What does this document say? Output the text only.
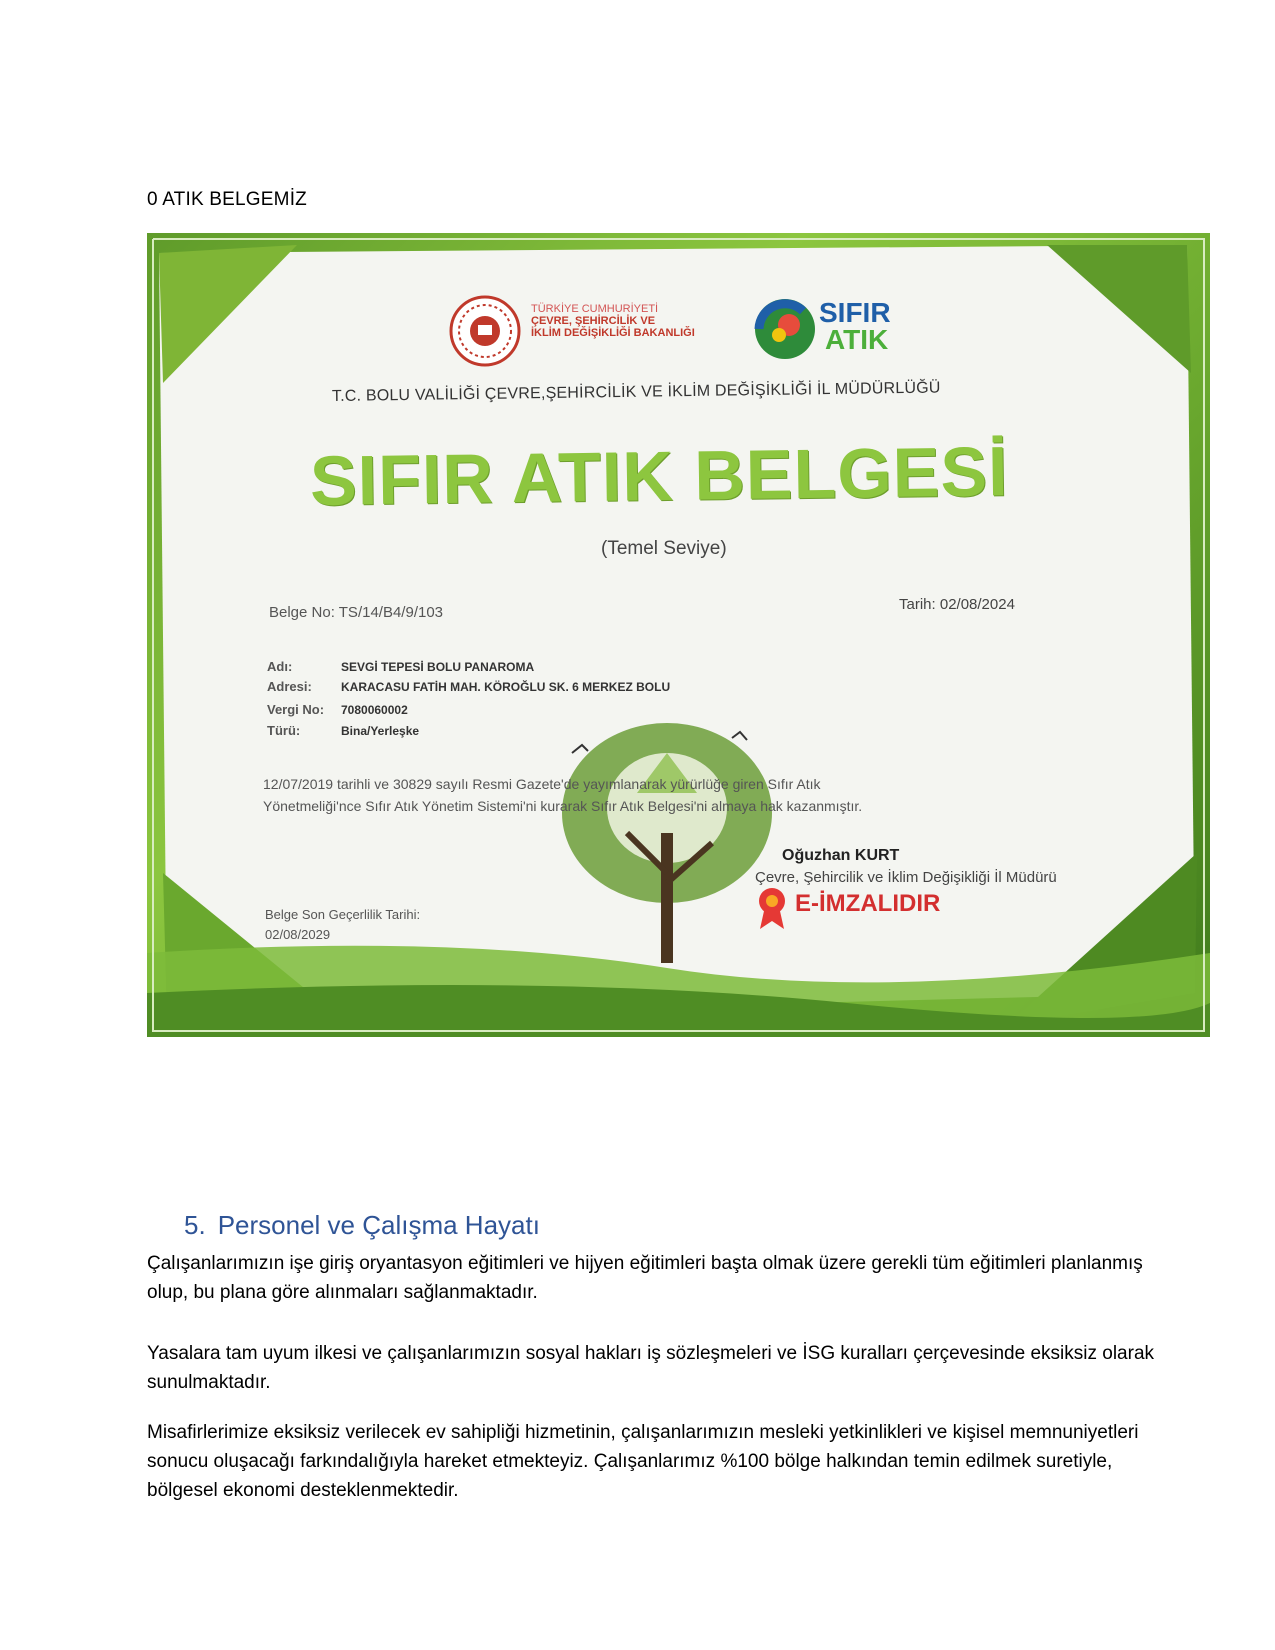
0 ATIK BELGEMİZ
TÜRKİYE CUMHURİYETİ
ÇEVRE, ŞEHİRCİLİK VE
İKLİM DEĞİŞİKLİĞİ BAKANLIĞI
SIFIR
ATIK
T.C. BOLU VALİLİĞİ ÇEVRE,ŞEHİRCİLİK VE İKLİM DEĞİŞİKLİĞİ İL MÜDÜRLÜĞÜ
SIFIR ATIK BELGESİ
(Temel Seviye)
Belge No: TS/14/B4/9/103	Tarih: 02/08/2024
Adı:	SEVGİ TEPESİ BOLU PANAROMA
Adresi: KARACASU FATİH MAH. KÖROĞLU SK. 6 MERKEZ BOLU
Vergi No: 7080060002
Türü:	Bina/Yerleşke
12/07/2019 tarihli ve 30829 sayılı Resmi Gazete'de yayımlanarak yürürlüğe giren Sıfır Atık
Yönetmeliği'nce Sıfır Atık Yönetim Sistemi'ni kurarak Sıfır Atık Belgesi'ni almaya hak kazanmıştır.
Oğuzhan KURT
Çevre, Şehircilik ve İklim Değişikliği İl Müdürü
Belge Son Geçerlilik Tarihi:
02/08/2029
E-İMZALIDIR
5. Personel ve Çalışma Hayatı
Çalışanlarımızın işe giriş oryantasyon eğitimleri ve hijyen eğitimleri başta olmak üzere gerekli tüm eğitimleri planlanmış olup, bu plana göre alınmaları sağlanmaktadır.
Yasalara tam uyum ilkesi ve çalışanlarımızın sosyal hakları iş sözleşmeleri ve İSG kuralları çerçevesinde eksiksiz olarak sunulmaktadır.
Misafirlerimize eksiksiz verilecek ev sahipliği hizmetinin, çalışanlarımızın mesleki yetkinlikleri ve kişisel memnuniyetleri sonucu oluşacağı farkındalığıyla hareket etmekteyiz. Çalışanlarımız %100 bölge halkından temin edilmek suretiyle, bölgesel ekonomi desteklenmektedir.
